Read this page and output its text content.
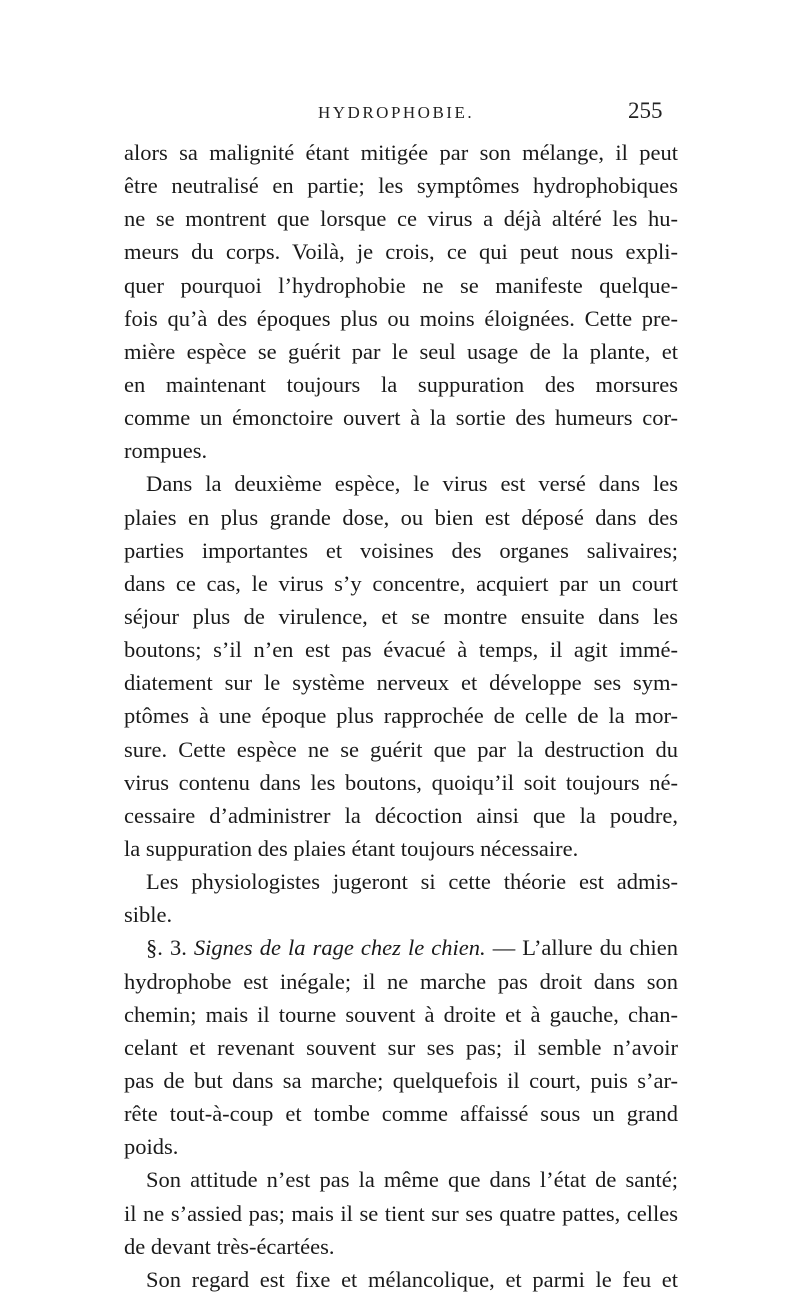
HYDROPHOBIE.	255
alors sa malignité étant mitigée par son mélange, il peut
être neutralisé en partie; les symptômes hydrophobiques
ne se montrent que lorsque ce virus a déjà altéré les hu-
meurs du corps. Voilà, je crois, ce qui peut nous expli-
quer pourquoi l’hydrophobie ne se manifeste quelque-
fois qu’à des époques plus ou moins éloignées. Cette pre-
mière espèce se guérit par le seul usage de la plante, et
en maintenant toujours la suppuration des morsures
comme un émonctoire ouvert à la sortie des humeurs cor-
rompues.
Dans la deuxième espèce, le virus est versé dans les
plaies en plus grande dose, ou bien est déposé dans des
parties importantes et voisines des organes salivaires;
dans ce cas, le virus s’y concentre, acquiert par un court
séjour plus de virulence, et se montre ensuite dans les
boutons; s’il n’en est pas évacué à temps, il agit immé-
diatement sur le système nerveux et développe ses sym-
ptômes à une époque plus rapprochée de celle de la mor-
sure. Cette espèce ne se guérit que par la destruction du
virus contenu dans les boutons, quoiqu’il soit toujours né-
cessaire d’administrer la décoction ainsi que la poudre,
la suppuration des plaies étant toujours nécessaire.
Les physiologistes jugeront si cette théorie est admis-
sible.
§. 3. Signes de la rage chez le chien. — L’allure du chien
hydrophobe est inégale; il ne marche pas droit dans son
chemin; mais il tourne souvent à droite et à gauche, chan-
celant et revenant souvent sur ses pas; il semble n’avoir
pas de but dans sa marche; quelquefois il court, puis s’ar-
rête tout-à-coup et tombe comme affaissé sous un grand
poids.
Son attitude n’est pas la même que dans l’état de santé;
il ne s’assied pas; mais il se tient sur ses quatre pattes, celles
de devant très-écartées.
Son regard est fixe et mélancolique, et parmi le feu et
